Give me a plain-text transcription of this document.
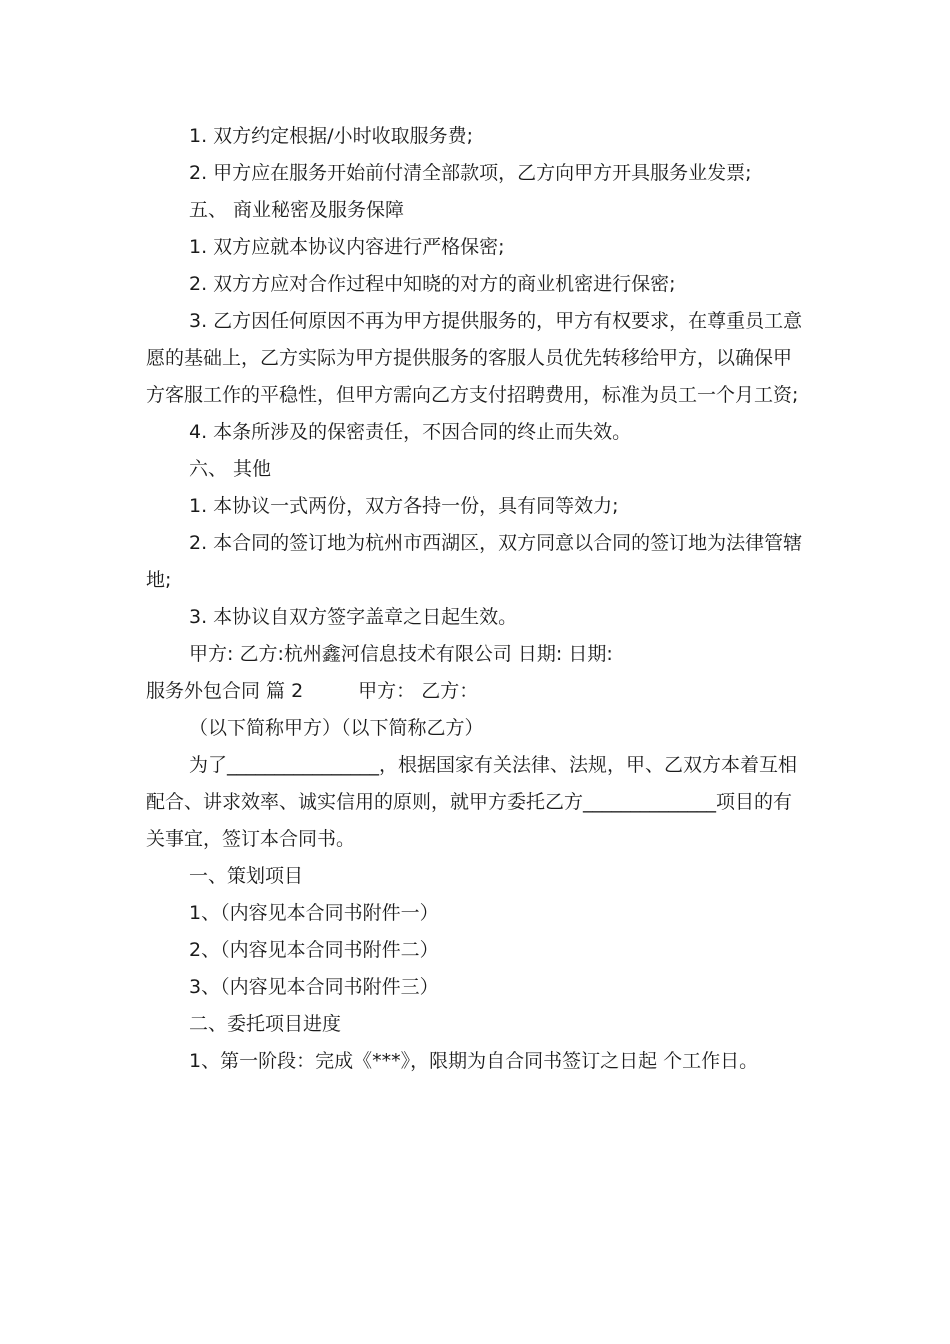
1. 双方约定根据/小时收取服务费;

2. 甲方应在服务开始前付清全部款项，乙方向甲方开具服务业发票;

五、 商业秘密及服务保障

1. 双方应就本协议内容进行严格保密;

2. 双方方应对合作过程中知晓的对方的商业机密进行保密;

3. 乙方因任何原因不再为甲方提供服务的，甲方有权要求，在尊重员工意愿的基础上，乙方实际为甲方提供服务的客服人员优先转移给甲方，以确保甲方客服工作的平稳性，但甲方需向乙方支付招聘费用，标准为员工一个月工资;

4. 本条所涉及的保密责任，不因合同的终止而失效。

六、 其他

1. 本协议一式两份，双方各持一份，具有同等效力;

2. 本合同的签订地为杭州市西湖区，双方同意以合同的签订地为法律管辖地;

3. 本协议自双方签字盖章之日起生效。

甲方: 乙方:杭州鑫河信息技术有限公司 日期: 日期:

服务外包合同 篇 2	甲方： 乙方：

（以下简称甲方）（以下简称乙方）

为了________________，根据国家有关法律、法规，甲、乙双方本着互相配合、讲求效率、诚实信用的原则，就甲方委托乙方______________项目的有关事宜，签订本合同书。

一、策划项目

1、（内容见本合同书附件一）

2、（内容见本合同书附件二）

3、（内容见本合同书附件三）

二、委托项目进度

1、第一阶段：完成《***》，限期为自合同书签订之日起 个工作日。
